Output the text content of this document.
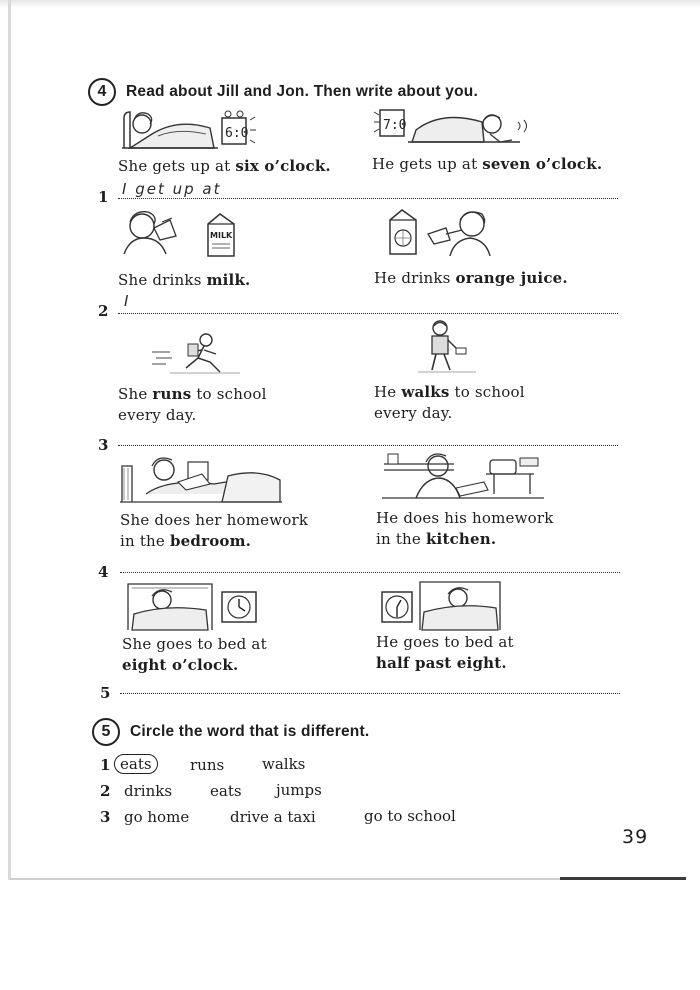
4	Read about Jill and Jon. Then write about you.
6:0
7:0
She gets up at six o’clock.	He gets up at seven o’clock.
1 I get up at
MILK
She drinks milk.	He drinks orange juice.
2
I
She runs to school
every day.
He walks to school
every day.
3
She does her homework
in the bedroom.
He does his homework
in the kitchen.
4
She goes to bed at
eight o’clock.
He goes to bed at
half past eight.
5
5	Circle the word that is different.
1 eats	runs	walks
2 drinks	eats jumps
3 go home	drive a taxi	go to school
39
